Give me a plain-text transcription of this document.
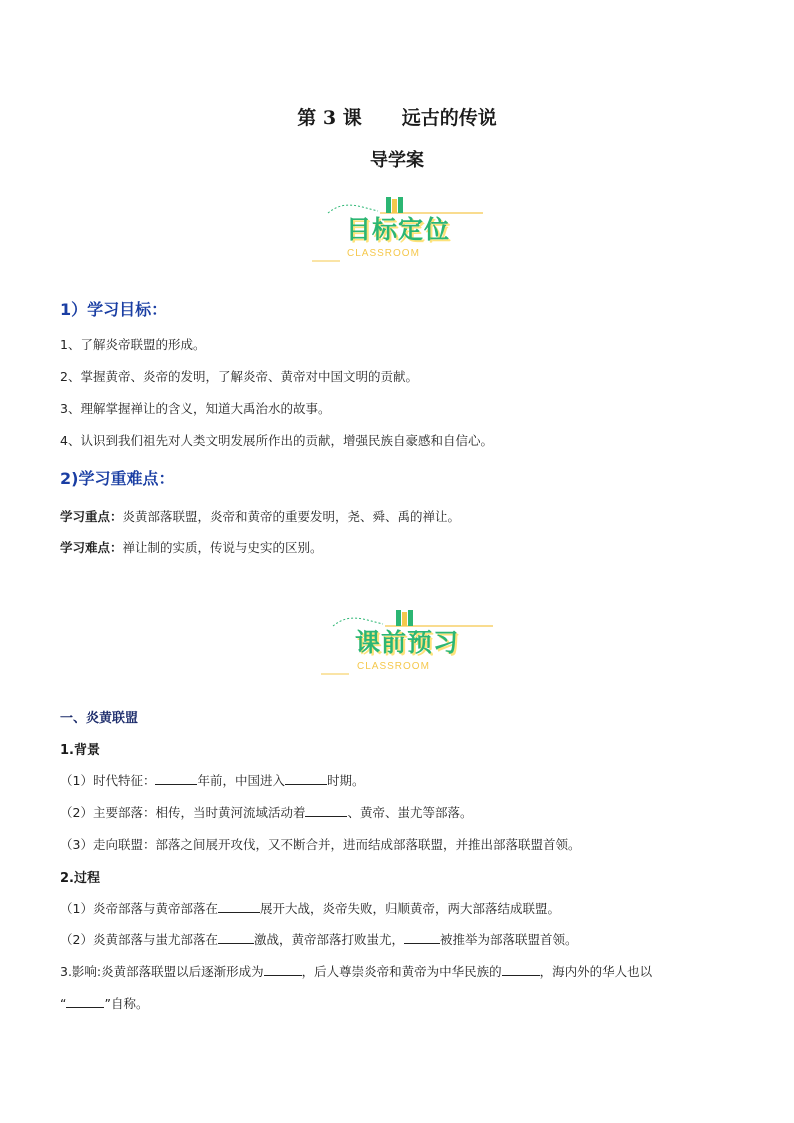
第 3 课 远古的传说
导学案
目标定位
CLASSROOM
1）学习目标：
1、了解炎帝联盟的形成。
2、掌握黄帝、炎帝的发明，了解炎帝、黄帝对中国文明的贡献。
3、理解掌握禅让的含义，知道大禹治水的故事。
4、认识到我们祖先对人类文明发展所作出的贡献，增强民族自豪感和自信心。
2)学习重难点：
学习重点：炎黄部落联盟，炎帝和黄帝的重要发明，尧、舜、禹的禅让。
学习难点：禅让制的实质，传说与史实的区别。
课前预习
CLASSROOM
一、炎黄联盟
1.背景
（1）时代特征：	年前，中国进入	时期。
（2）主要部落：相传，当时黄河流域活动着	、黄帝、蚩尤等部落。
（3）走向联盟：部落之间展开攻伐，又不断合并，进而结成部落联盟，并推出部落联盟首领。
2.过程
（1）炎帝部落与黄帝部落在	展开大战，炎帝失败，归顺黄帝，两大部落结成联盟。
（2）炎黄部落与蚩尤部落在	激战，黄帝部落打败蚩尤，	被推举为部落联盟首领。
3.影响:炎黄部落联盟以后逐渐形成为	，后人尊崇炎帝和黄帝为中华民族的	，海内外的华人也以
“	”自称。
